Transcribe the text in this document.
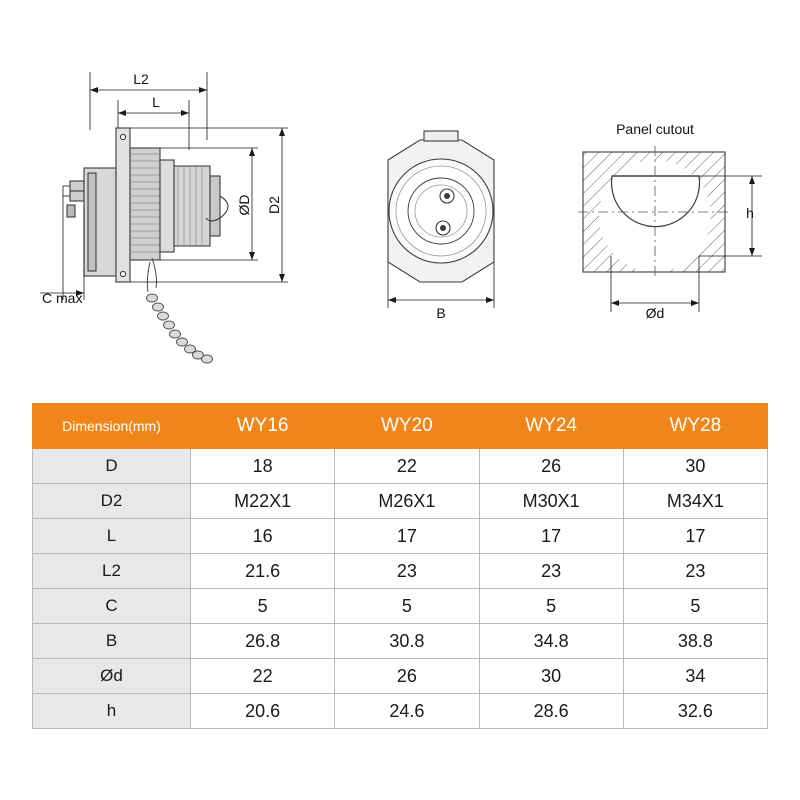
L2
L
ØD D2
C max
B
h
Ød
Panel cutout
Dimension(mm)	WY16	WY20	WY24	WY28
D	18	22	26	30
D2	M22X1	M26X1	M30X1	M34X1
L	16	17	17	17
L2	21.6	23	23	23
C	5	5	5	5
B	26.8	30.8	34.8	38.8
Ød	22	26	30	34
h	20.6	24.6	28.6	32.6
